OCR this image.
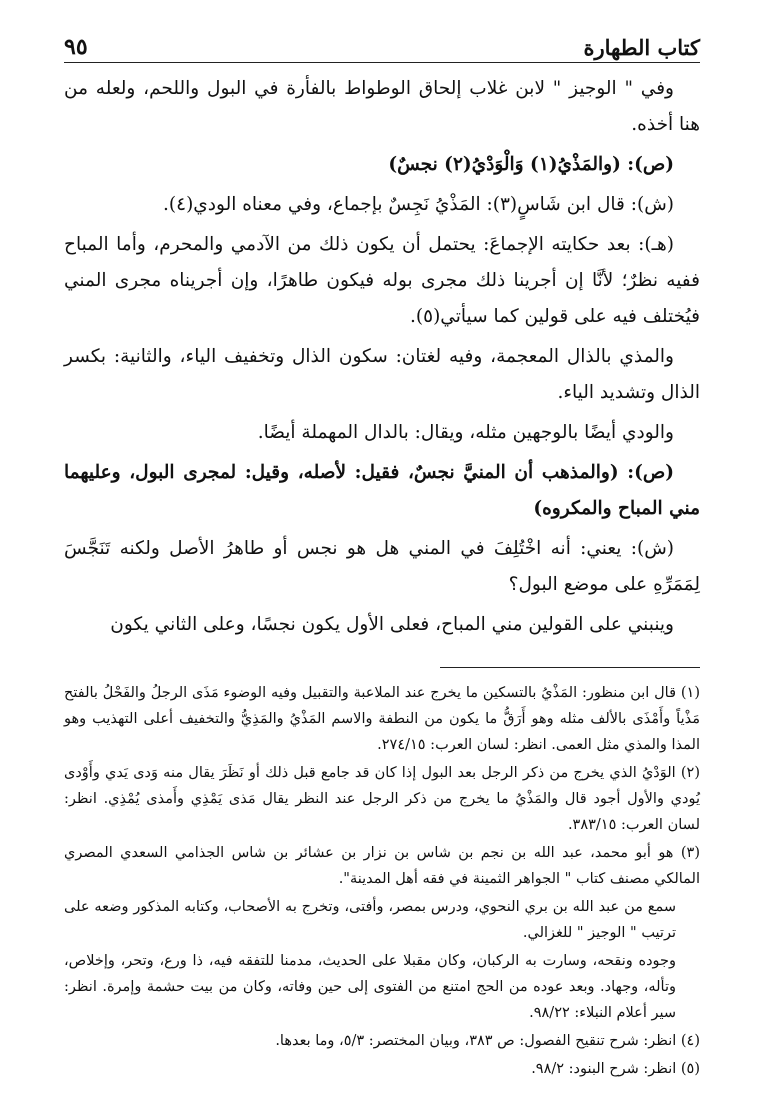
كتاب الطهارة
٩٥

وفي " الوجيز " لابن غلاب إلحاق الوطواط بالفأرة في البول واللحم، ولعله من هنا أخذه.

(ص): (والمَذْيُ(١) وَالْوَدْيُ(٢) نجسٌ)

(ش): قال ابن شَاسٍ(٣): المَذْيُ نَجِسٌ بإجماع، وفي معناه الودي(٤).

(هـ): بعد حكايته الإجماعَ: يحتمل أن يكون ذلك من الآدمي والمحرم، وأما المباح ففيه نظرٌ؛ لأنَّا إن أجرينا ذلك مجرى بوله فيكون طاهرًا، وإن أجريناه مجرى المني فيُختلف فيه على قولين كما سيأتي(٥).

والمذي بالذال المعجمة، وفيه لغتان: سكون الذال وتخفيف الياء، والثانية: بكسر الذال وتشديد الياء.

والودي أيضًا بالوجهين مثله، ويقال: بالدال المهملة أيضًا.

(ص): (والمذهب أن المنيَّ نجسٌ، فقيل: لأصله، وقيل: لمجرى البول، وعليهما مني المباح والمكروه)

(ش): يعني: أنه اخْتُلِفَ في المني هل هو نجس أو طاهرُ الأصل ولكنه تَنَجَّسَ لِمَمَرِّهِ على موضع البول؟

وينبني على القولين مني المباح، فعلى الأول يكون نجسًا، وعلى الثاني يكون

(١) قال ابن منظور: المَذْيُ بالتسكين ما يخرج عند الملاعبة والتقبيل وفيه الوضوء مَذَى الرجلُ والفَحْلُ بالفتح مَذْياً وأَمْذَى بالألف مثله وهو أَرَقُّ ما يكون من النطفة والاسم المَذْيُ والمَذِيُّ والتخفيف أعلى التهذيب وهو المذا والمذي مثل العمى. انظر: لسان العرب: ٢٧٤/١٥.

(٢) الوَدْيُ الذي يخرج من ذكر الرجل بعد البول إذا كان قد جامع قبل ذلك أو نَظَرَ يقال منه وَدى يَدي وأَوْدى يُودي والأول أجود قال والمَذْيُ ما يخرج من ذكر الرجل عند النظر يقال مَذى يَمْذِي وأَمذى يُمْذِي. انظر: لسان العرب: ٣٨٣/١٥.

(٣) هو أبو محمد، عبد الله بن نجم بن شاس بن نزار بن عشائر بن شاس الجذامي السعدي المصري المالكي مصنف كتاب " الجواهر الثمينة في فقه أهل المدينة".

سمع من عبد الله بن بري النحوي، ودرس بمصر، وأفتى، وتخرج به الأصحاب، وكتابه المذكور وضعه على ترتيب " الوجيز " للغزالي.

وجوده ونقحه، وسارت به الركبان، وكان مقبلا على الحديث، مدمنا للتفقه فيه، ذا ورع، وتحر، وإخلاص، وتأله، وجهاد. وبعد عوده من الحج امتنع من الفتوى إلى حين وفاته، وكان من بيت حشمة وإمرة. انظر: سير أعلام النبلاء: ٩٨/٢٢.

(٤) انظر: شرح تنقيح الفصول: ص ٣٨٣، وبيان المختصر: ٥/٣، وما بعدها.

(٥) انظر: شرح البنود: ٩٨/٢.
